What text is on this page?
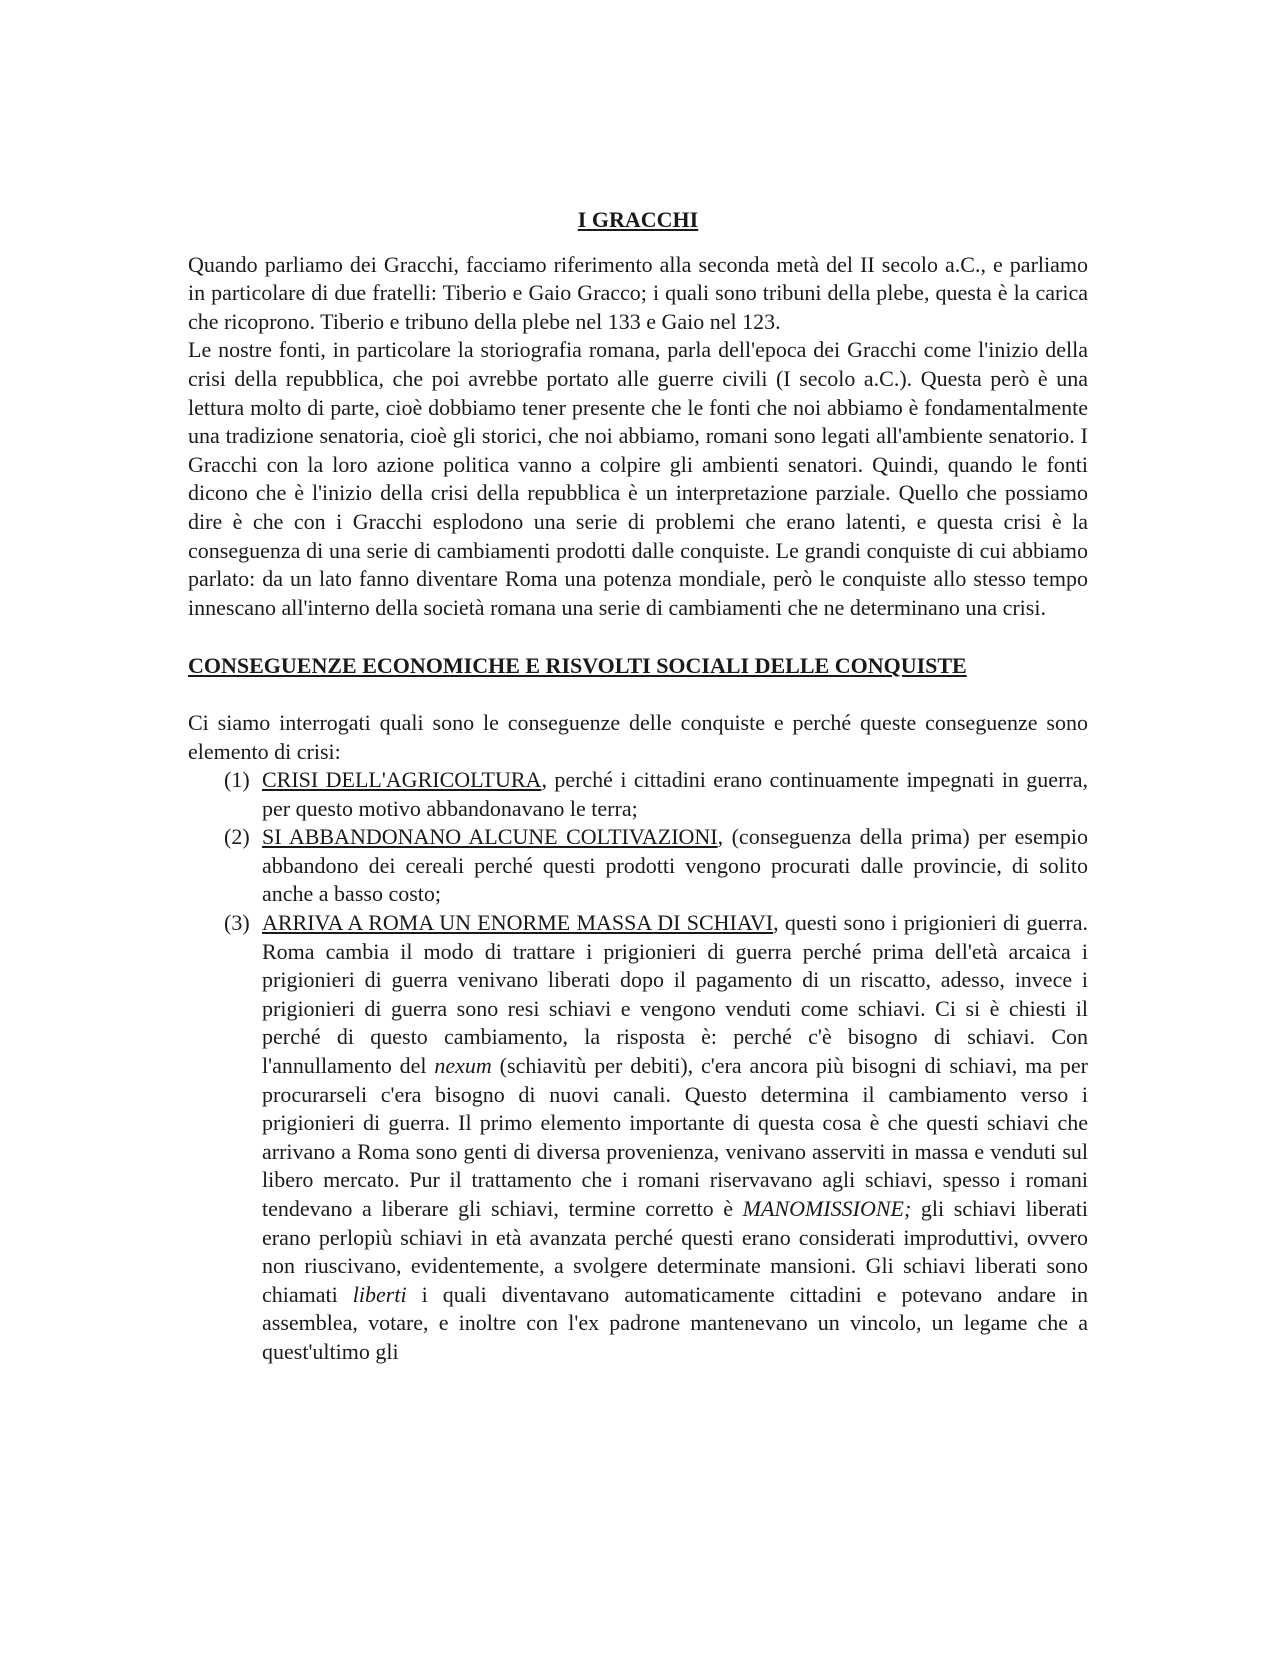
I GRACCHI

Quando parliamo dei Gracchi, facciamo riferimento alla seconda metà del II secolo a.C., e parliamo in particolare di due fratelli: Tiberio e Gaio Gracco; i quali sono tribuni della plebe, questa è la carica che ricoprono. Tiberio e tribuno della plebe nel 133 e Gaio nel 123.

Le nostre fonti, in particolare la storiografia romana, parla dell'epoca dei Gracchi come l'inizio della crisi della repubblica, che poi avrebbe portato alle guerre civili (I secolo a.C.). Questa però è una lettura molto di parte, cioè dobbiamo tener presente che le fonti che noi abbiamo è fondamentalmente una tradizione senatoria, cioè gli storici, che noi abbiamo, romani sono legati all'ambiente senatorio. I Gracchi con la loro azione politica vanno a colpire gli ambienti senatori. Quindi, quando le fonti dicono che è l'inizio della crisi della repubblica è un interpretazione parziale. Quello che possiamo dire è che con i Gracchi esplodono una serie di problemi che erano latenti, e questa crisi è la conseguenza di una serie di cambiamenti prodotti dalle conquiste. Le grandi conquiste di cui abbiamo parlato: da un lato fanno diventare Roma una potenza mondiale, però le conquiste allo stesso tempo innescano all'interno della società romana una serie di cambiamenti che ne determinano una crisi.

CONSEGUENZE ECONOMICHE E RISVOLTI SOCIALI DELLE CONQUISTE

Ci siamo interrogati quali sono le conseguenze delle conquiste e perché queste conseguenze sono elemento di crisi:

(1) CRISI DELL'AGRICOLTURA, perché i cittadini erano continuamente impegnati in guerra, per questo motivo abbandonavano le terra;
(2) SI ABBANDONANO ALCUNE COLTIVAZIONI, (conseguenza della prima) per esempio abbandono dei cereali perché questi prodotti vengono procurati dalle provincie, di solito anche a basso costo;
(3) ARRIVA A ROMA UN ENORME MASSA DI SCHIAVI, questi sono i prigionieri di guerra. Roma cambia il modo di trattare i prigionieri di guerra perché prima dell'età arcaica i prigionieri di guerra venivano liberati dopo il pagamento di un riscatto, adesso, invece i prigionieri di guerra sono resi schiavi e vengono venduti come schiavi. Ci si è chiesti il perché di questo cambiamento, la risposta è: perché c'è bisogno di schiavi. Con l'annullamento del nexum (schiavitù per debiti), c'era ancora più bisogni di schiavi, ma per procurarseli c'era bisogno di nuovi canali. Questo determina il cambiamento verso i prigionieri di guerra. Il primo elemento importante di questa cosa è che questi schiavi che arrivano a Roma sono genti di diversa provenienza, venivano asserviti in massa e venduti sul libero mercato. Pur il trattamento che i romani riservavano agli schiavi, spesso i romani tendevano a liberare gli schiavi, termine corretto è MANOMISSIONE; gli schiavi liberati erano perlopiù schiavi in età avanzata perché questi erano considerati improduttivi, ovvero non riuscivano, evidentemente, a svolgere determinate mansioni. Gli schiavi liberati sono chiamati liberti i quali diventavano automaticamente cittadini e potevano andare in assemblea, votare, e inoltre con l'ex padrone mantenevano un vincolo, un legame che a quest'ultimo gli
